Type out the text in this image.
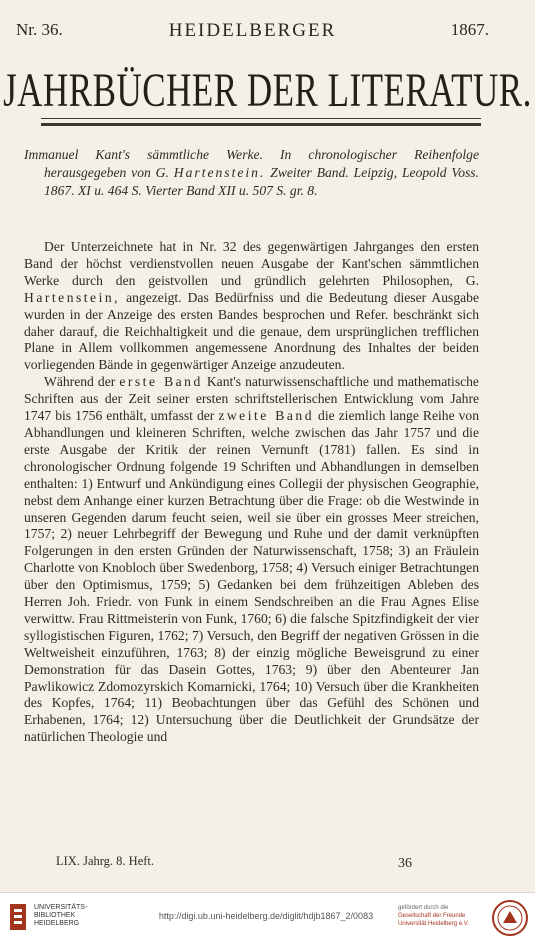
Nr. 36.	HEIDELBERGER	1867.
JAHRBÜCHER DER LITERATUR.
Immanuel Kant's sämmtliche Werke. In chronologischer Reihenfolge herausgegeben von G. Hartenstein. Zweiter Band. Leipzig, Leopold Voss. 1867. XI u. 464 S. Vierter Band XII u. 507 S. gr. 8.

Der Unterzeichnete hat in Nr. 32 des gegenwärtigen Jahrganges den ersten Band der höchst verdienstvollen neuen Ausgabe der Kant'schen sämmtlichen Werke durch den geistvollen und gründlich gelehrten Philosophen, G. Hartenstein, angezeigt. Das Bedürfniss und die Bedeutung dieser Ausgabe wurden in der Anzeige des ersten Bandes besprochen und Refer. beschränkt sich daher darauf, die Reichhaltigkeit und die genaue, dem ursprünglichen trefflichen Plane in Allem vollkommen angemessene Anordnung des Inhaltes der beiden vorliegenden Bände in gegenwärtiger Anzeige anzudeuten.

Während der erste Band Kant's naturwissenschaftliche und mathematische Schriften aus der Zeit seiner ersten schriftstellerischen Entwicklung vom Jahre 1747 bis 1756 enthält, umfasst der zweite Band die ziemlich lange Reihe von Abhandlungen und kleineren Schriften, welche zwischen das Jahr 1757 und die erste Ausgabe der Kritik der reinen Vernunft (1781) fallen. Es sind in chronologischer Ordnung folgende 19 Schriften und Abhandlungen in demselben enthalten: 1) Entwurf und Ankündigung eines Collegii der physischen Geographie, nebst dem Anhange einer kurzen Betrachtung über die Frage: ob die Westwinde in unseren Gegenden darum feucht seien, weil sie über ein grosses Meer streichen, 1757; 2) neuer Lehrbegriff der Bewegung und Ruhe und der damit verknüpften Folgerungen in den ersten Gründen der Naturwissenschaft, 1758; 3) an Fräulein Charlotte von Knobloch über Swedenborg, 1758; 4) Versuch einiger Betrachtungen über den Optimismus, 1759; 5) Gedanken bei dem frühzeitigen Ableben des Herren Joh. Friedr. von Funk in einem Sendschreiben an die Frau Agnes Elise verwittw. Frau Rittmeisterin von Funk, 1760; 6) die falsche Spitzfindigkeit der vier syllogistischen Figuren, 1762; 7) Versuch, den Begriff der negativen Grössen in die Weltweisheit einzuführen, 1763; 8) der einzig mögliche Beweisgrund zu einer Demonstration für das Dasein Gottes, 1763; 9) über den Abenteurer Jan Pawlikowicz Zdomozyrskich Komarnicki, 1764; 10) Versuch über die Krankheiten des Kopfes, 1764; 11) Beobachtungen über das Gefühl des Schönen und Erhabenen, 1764; 12) Untersuchung über die Deutlichkeit der Grundsätze der natürlichen Theologie und

LIX. Jahrg. 8. Heft.	36
UNIVERSITÄTS-
BIBLIOTHEK
HEIDELBERG
http://digi.ub.uni-heidelberg.de/diglit/hdjb1867_2/0083
gefördert durch die
Gesellschaft der Freunde
Universität Heidelberg e.V.
